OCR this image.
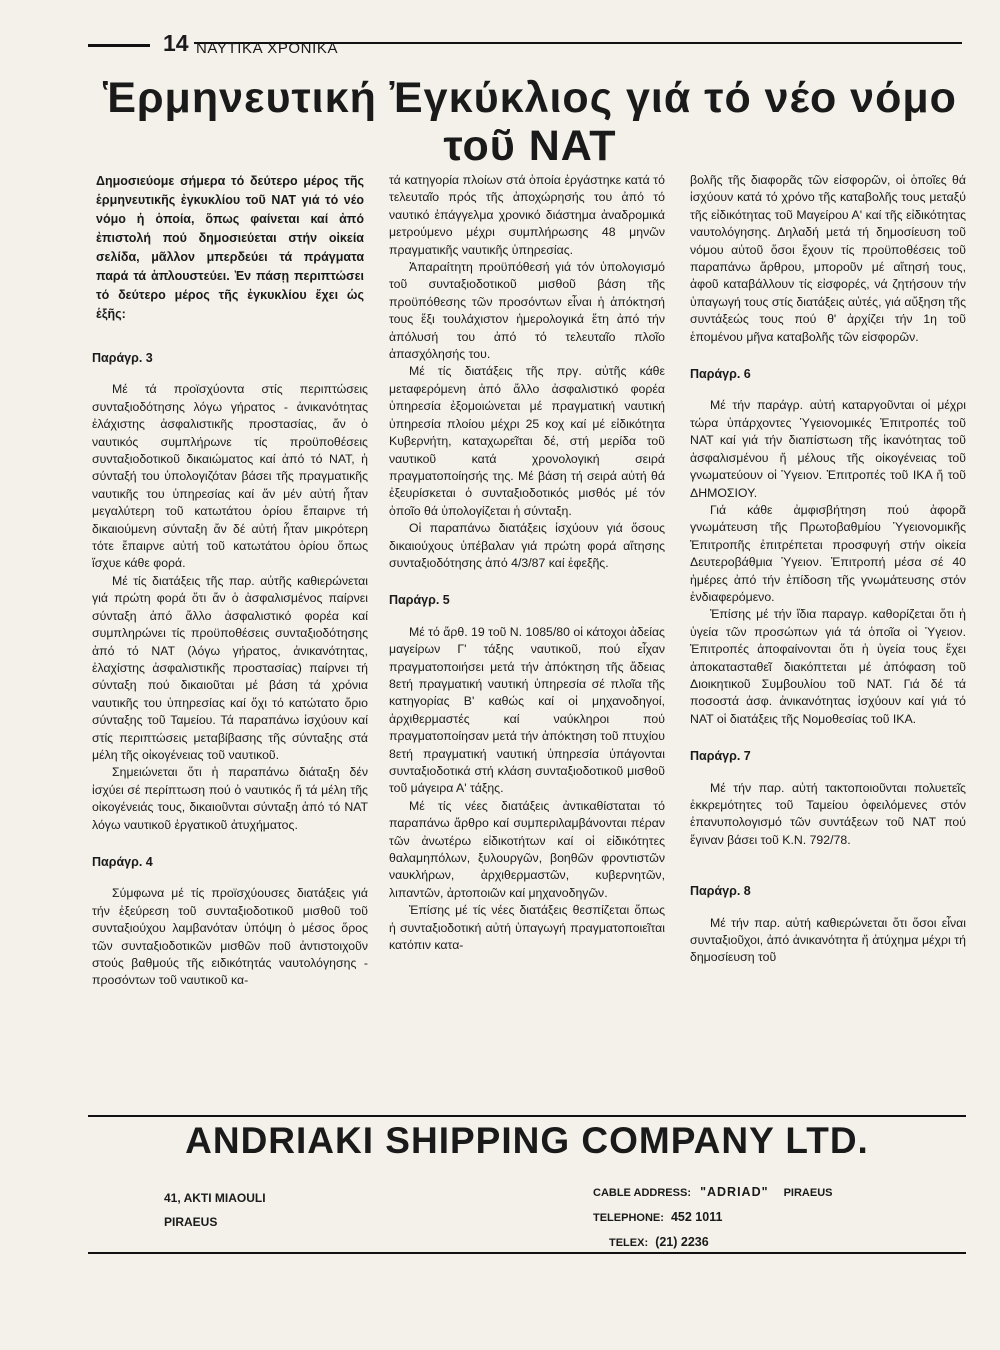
14 ΝΑΥΤΙΚΑ ΧΡΟΝΙΚΑ
Ἑρμηνευτική Ἐγκύκλιος γιά τό νέο νόμο
τοῦ ΝΑΤ

Δημοσιεύομε σήμερα τό δεύτερο μέρος τῆς ἑρμηνευτικῆς ἐγκυκλίου τοῦ ΝΑΤ γιά τό νέο νόμο ἡ ὁποία, ὅπως φαίνεται καί ἀπό ἐπιστολή πού δημοσιεύεται στήν οἰκεία σελίδα, μᾶλλον μπερδεύει τά πράγματα παρά τά ἁπλουστεύει. Ἐν πάσῃ περιπτώσει τό δεύτερο μέρος τῆς ἐγκυκλίου ἔχει ὡς ἑξῆς:

Παράγρ. 3

Μέ τά προϊσχύοντα στίς περιπτώσεις συνταξιοδότησης λόγω γήρατος - ἀνικανότητας ἐλάχιστης ἀσφαλιστικῆς προστασίας, ἄν ὁ ναυτικός συμπλήρωνε τίς προϋποθέσεις συνταξιοδοτικοῦ δικαιώματος καί ἀπό τό ΝΑΤ, ἡ σύνταξή του ὑπολογιζόταν βάσει τῆς πραγματικῆς ναυτικῆς του ὑπηρεσίας καί ἄν μέν αὐτή ἦταν μεγαλύτερη τοῦ κατωτάτου ὁρίου ἔπαιρνε τή δικαιούμενη σύνταξη ἄν δέ αὐτή ἦταν μικρότερη τότε ἔπαιρνε αὐτή τοῦ κατωτάτου ὁρίου ὅπως ἴσχυε κάθε φορά.

Μέ τίς διατάξεις τῆς παρ. αὐτῆς καθιερώνεται γιά πρώτη φορά ὅτι ἄν ὁ ἀσφαλισμένος παίρνει σύνταξη ἀπό ἄλλο ἀσφαλιστικό φορέα καί συμπληρώνει τίς προϋποθέσεις συνταξιοδότησης ἀπό τό ΝΑΤ (λόγω γήρατος, ἀνικανότητας, ἐλαχίστης ἀσφαλιστικῆς προστασίας) παίρνει τή σύνταξη πού δικαιοῦται μέ βάση τά χρόνια ναυτικῆς του ὑπηρεσίας καί ὄχι τό κατώτατο ὅριο σύνταξης τοῦ Ταμείου. Τά παραπάνω ἰσχύουν καί στίς περιπτώσεις μεταβίβασης τῆς σύνταξης στά μέλη τῆς οἰκογένειας τοῦ ναυτικοῦ.

Σημειώνεται ὅτι ἡ παραπάνω διάταξη δέν ἰσχύει σέ περίπτωση πού ὁ ναυτικός ἤ τά μέλη τῆς οἰκογένειάς τους, δικαιοῦνται σύνταξη ἀπό τό ΝΑΤ λόγω ναυτικοῦ ἐργατικοῦ ἀτυχήματος.

Παράγρ. 4

Σύμφωνα μέ τίς προϊσχύουσες διατάξεις γιά τήν ἐξεύρεση τοῦ συνταξιοδοτικοῦ μισθοῦ τοῦ συνταξιούχου λαμβανόταν ὑπόψη ὁ μέσος ὅρος τῶν συνταξιοδοτικῶν μισθῶν ποῦ ἀντιστοιχοῦν στούς βαθμούς τῆς ειδικότητάς ναυτολόγησης - προσόντων τοῦ ναυτικοῦ κα-

τά κατηγορία πλοίων στά ὁποία ἐργάστηκε κατά τό τελευταῖο πρός τῆς ἀποχώρησής του ἀπό τό ναυτικό ἐπάγγελμα χρονικό διάστημα ἀναδρομικά μετρούμενο μέχρι συμπλήρωσης 48 μηνῶν πραγματικῆς ναυτικῆς ὑπηρεσίας.

Ἀπαραίτητη προϋπόθεσή γιά τόν ὑπολογισμό τοῦ συνταξιοδοτικοῦ μισθοῦ βάση τῆς προϋπόθεσης τῶν προσόντων εἶναι ἡ ἀπόκτησή τους ἔξι τουλάχιστον ἡμερολογικά ἔτη ἀπό τήν ἀπόλυσή του ἀπό τό τελευταῖο πλοῖο ἀπασχόλησής του.

Μέ τίς διατάξεις τῆς πργ. αὐτῆς κάθε μεταφερόμενη ἀπό ἄλλο ἀσφαλιστικό φορέα ὑπηρεσία ἐξομοιώνεται μέ πραγματική ναυτική ὑπηρεσία πλοίου μέχρι 25 κοχ καί μέ εἰδικότητα Κυβερνήτη, καταχωρεῖται δέ, στή μερίδα τοῦ ναυτικοῦ κατά χρονολογική σειρά πραγματοποίησής της. Μέ βάση τή σειρά αὐτή θά ἐξευρίσκεται ὁ συνταξιοδοτικός μισθός μέ τόν ὁποῖο θά ὑπολογίζεται ἡ σύνταξη.

Οἱ παραπάνω διατάξεις ἰσχύουν γιά ὅσους δικαιούχους ὑπέβαλαν γιά πρώτη φορά αἴτησης συνταξιοδότησης ἀπό 4/3/87 καί ἐφεξῆς.

Παράγρ. 5

Μέ τό ἄρθ. 19 τοῦ Ν. 1085/80 οἱ κάτοχοι ἀδείας μαγείρων Γ' τάξης ναυτικοῦ, πού εἶχαν πραγματοποιήσει μετά τήν ἀπόκτηση τῆς ἄδειας 8ετή πραγματική ναυτική ὑπηρεσία σέ πλοῖα τῆς κατηγορίας Β' καθώς καί οἱ μηχανοδηγοί, ἀρχιθερμαστές καί ναύκληροι πού πραγματοποίησαν μετά τήν ἀπόκτηση τοῦ πτυχίου 8ετή πραγματική ναυτική ὑπηρεσία ὑπάγονται συνταξιοδοτικά στή κλάση συνταξιοδοτικοῦ μισθοῦ τοῦ μάγειρα Α' τάξης.

Μέ τίς νέες διατάξεις ἀντικαθίσταται τό παραπάνω ἄρθρο καί συμπεριλαμβάνονται πέραν τῶν ἀνωτέρω εἰδικοτήτων καί οἱ εἰδικότητες θαλαμηπόλων, ξυλουργῶν, βοηθῶν φροντιστῶν ναυκλήρων, ἀρχιθερμαστῶν, κυβερνητῶν, λιπαντῶν, ἀρτοποιῶν καί μηχανοδηγῶν.

Ἐπίσης μέ τίς νέες διατάξεις θεσπίζεται ὅπως ἡ συνταξιοδοτική αὐτή ὑπαγωγή πραγματοποιεῖται κατόπιν κατα-

βολῆς τῆς διαφορᾶς τῶν εἰσφορῶν, οἱ ὁποῖες θά ἰσχύουν κατά τό χρόνο τῆς καταβολῆς τους μεταξύ τῆς εἰδικότητας τοῦ Μαγείρου Α' καί τῆς εἰδικότητας ναυτολόγησης. Δηλαδή μετά τή δημοσίευση τοῦ νόμου αὐτοῦ ὅσοι ἔχουν τίς προϋποθέσεις τοῦ παραπάνω ἄρθρου, μποροῦν μέ αἴτησή τους, ἀφοῦ καταβάλλουν τίς εἰσφορές, νά ζητήσουν τήν ὑπαγωγή τους στίς διατάξεις αὐτές, γιά αὔξηση τῆς συντάξεώς τους πού θ' ἀρχίζει τήν 1η τοῦ ἑπομένου μῆνα καταβολῆς τῶν εἰσφορῶν.

Παράγρ. 6

Μέ τήν παράγρ. αὐτή καταργοῦνται οἱ μέχρι τώρα ὑπάρχοντες Ὑγειονομικές Ἐπιτροπές τοῦ ΝΑΤ καί γιά τήν διαπίστωση τῆς ἱκανότητας τοῦ ἀσφαλισμένου ἤ μέλους τῆς οἰκογένειας τοῦ γνωματεύουν οἱ Ὑγειον. Ἐπιτροπές τοῦ ΙΚΑ ἤ τοῦ ΔΗΜΟΣΙΟΥ.

Γιά κάθε ἀμφισβήτηση πού ἀφορᾶ γνωμάτευση τῆς Πρωτοβαθμίου Ὑγειονομικῆς Ἐπιτροπῆς ἐπιτρέπεται προσφυγή στήν οἰκεία Δευτεροβάθμια Ὑγειον. Ἐπιτροπή μέσα σέ 40 ἡμέρες ἀπό τήν ἐπίδοση τῆς γνωμάτευσης στόν ἐνδιαφερόμενο.

Ἐπίσης μέ τήν ἴδια παραγρ. καθορίζεται ὅτι ἡ ὑγεία τῶν προσώπων γιά τά ὁποῖα οἱ Ὑγειον. Ἐπιτροπές ἀποφαίνονται ὅτι ἡ ὑγεία τους ἔχει ἀποκατασταθεῖ διακόπτεται μέ ἀπόφαση τοῦ Διοικητικοῦ Συμβουλίου τοῦ ΝΑΤ. Γιά δέ τά ποσοστά ἀσφ. ἀνικανότητας ἰσχύουν καί γιά τό ΝΑΤ οἱ διατάξεις τῆς Νομοθεσίας τοῦ ΙΚΑ.

Παράγρ. 7

Μέ τήν παρ. αὐτή τακτοποιοῦνται πολυετεῖς ἐκκρεμότητες τοῦ Ταμείου ὀφειλόμενες στόν ἐπανυπολογισμό τῶν συντάξεων τοῦ ΝΑΤ πού ἔγιναν βάσει τοῦ Κ.Ν. 792/78.

Παράγρ. 8

Μέ τήν παρ. αὐτή καθιερώνεται ὅτι ὅσοι εἶναι συνταξιοῦχοι, ἀπό ἀνικανότητα ἤ ἀτύχημα μέχρι τή δημοσίευση τοῦ

ANDRIAKI SHIPPING COMPANY LTD.
41, AKTI MIAOULI
PIRAEUS
CABLE ADDRESS: "ADRIAD" PIRAEUS
TELEPHONE: 452 1011
TELEX: (21) 2236
